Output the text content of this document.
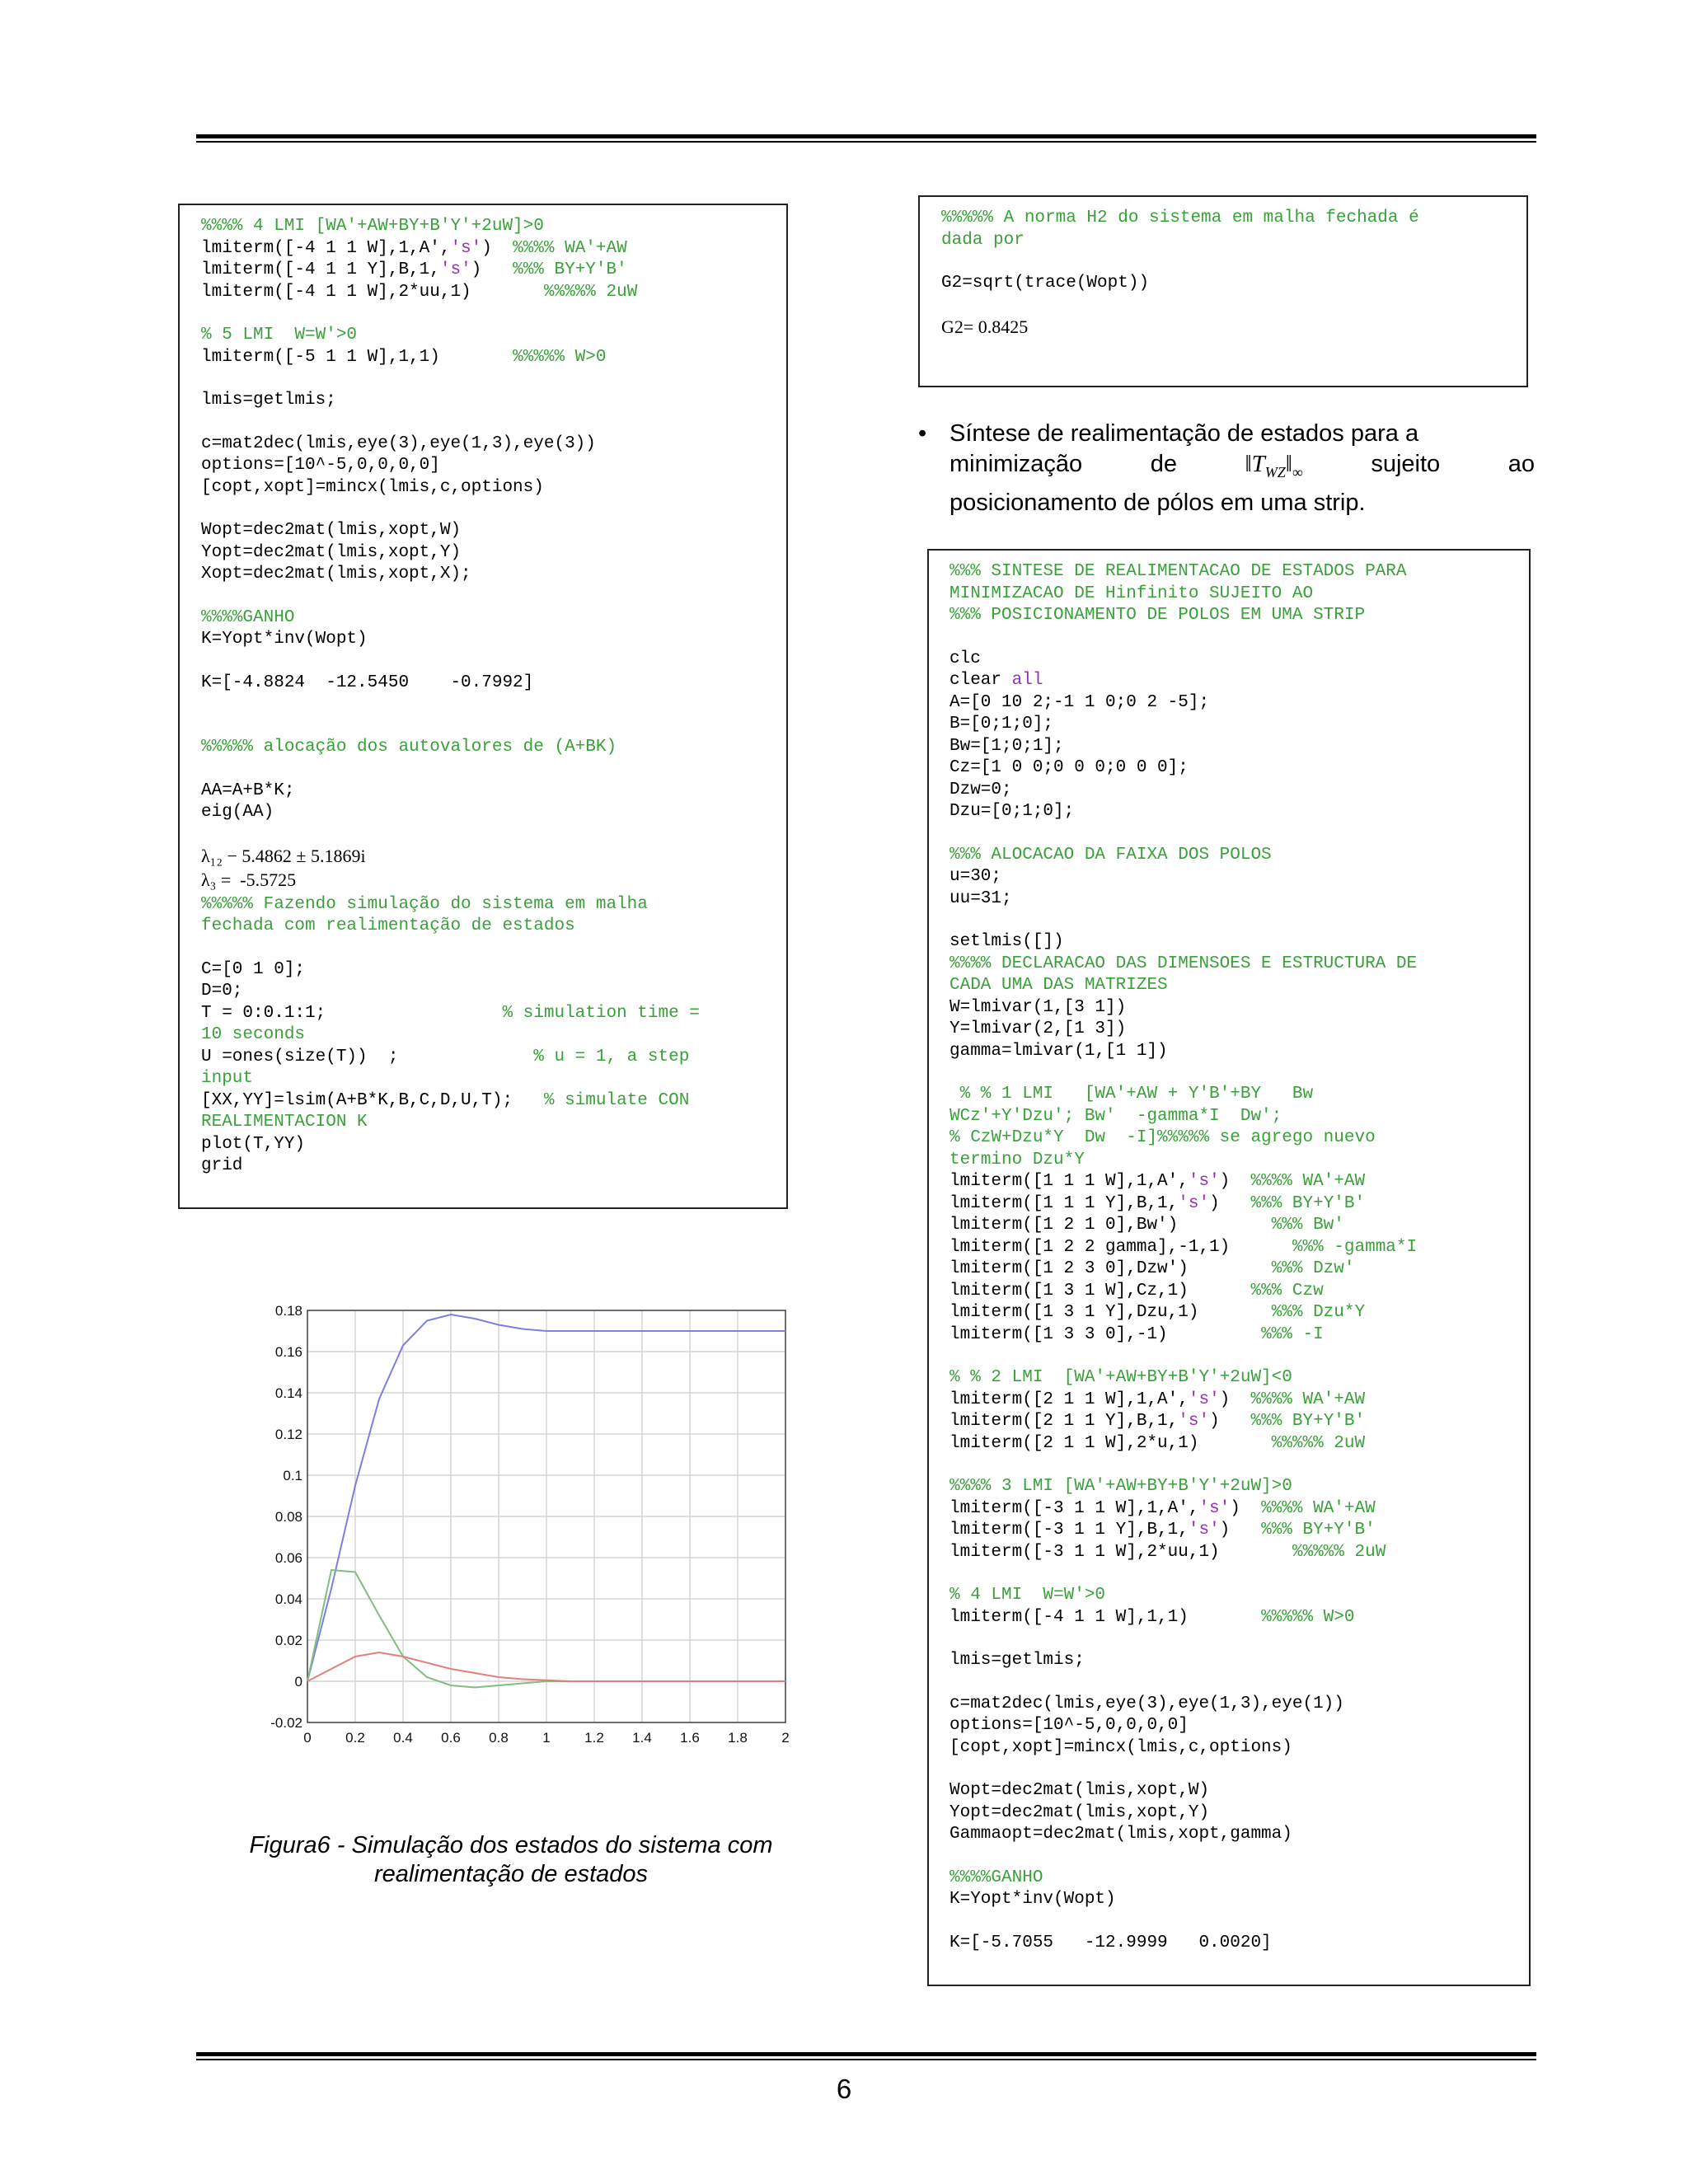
%%%% 4 LMI [WA'+AW+BY+B'Y'+2uW]>0
lmiterm([-4 1 1 W],1,A','s')  %%%% WA'+AW
lmiterm([-4 1 1 Y],B,1,'s')   %%% BY+Y'B'
lmiterm([-4 1 1 W],2*uu,1)       %%%%% 2uW
% 5 LMI  W=W'>0
lmiterm([-5 1 1 W],1,1)       %%%%% W>0
lmis=getlmis;
c=mat2dec(lmis,eye(3),eye(1,3),eye(3))
options=[10^-5,0,0,0,0]
[copt,xopt]=mincx(lmis,c,options)
Wopt=dec2mat(lmis,xopt,W)
Yopt=dec2mat(lmis,xopt,Y)
Xopt=dec2mat(lmis,xopt,X);
%%%%GANHO
K=Yopt*inv(Wopt)
K=[-4.8824  -12.5450    -0.7992]
%%%%% alocação dos autovalores de (A+BK)
AA=A+B*K;
eig(AA)
λ₁₂ − 5.4862 ± 5.1869i
λ₃ =  -5.5725
%%%%% Fazendo simulação do sistema em malha
fechada com realimentação de estados
C=[0 1 0];
D=0;
T = 0:0.1:1;                 % simulation time =
10 seconds
U =ones(size(T))  ;             % u = 1, a step
input
[XX,YY]=lsim(A+B*K,B,C,D,U,T);   % simulate CON
REALIMENTACION K
plot(T,YY)
grid
%%%%% A norma H2 do sistema em malha fechada é
dada por
G2=sqrt(trace(Wopt))
G2= 0.8425
• Síntese de realimentação de estados para a
minimização	de	$‖T_{WZ}‖_\infty$	sujeito	ao
posicionamento de pólos em uma strip.
%%% SINTESE DE REALIMENTACAO DE ESTADOS PARA
MINIMIZACAO DE Hinfinito SUJEITO AO
%%% POSICIONAMENTO DE POLOS EM UMA STRIP
clc
clear all
A=[0 10 2;-1 1 0;0 2 -5];
B=[0;1;0];
Bw=[1;0;1];
Cz=[1 0 0;0 0 0;0 0 0];
Dzw=0;
Dzu=[0;1;0];
%%% ALOCACAO DA FAIXA DOS POLOS
u=30;
uu=31;
setlmis([])
%%%% DECLARACAO DAS DIMENSOES E ESTRUCTURA DE
CADA UMA DAS MATRIZES
W=lmivar(1,[3 1])
Y=lmivar(2,[1 3])
gamma=lmivar(1,[1 1])
% % 1 LMI   [WA'+AW + Y'B'+BY   Bw
WCz'+Y'Dzu'; Bw'  -gamma*I  Dw';
% CzW+Dzu*Y  Dw  -I]%%%%% se agrego nuevo
termino Dzu*Y
lmiterm([1 1 1 W],1,A','s')  %%%% WA'+AW
lmiterm([1 1 1 Y],B,1,'s')   %%% BY+Y'B'
lmiterm([1 2 1 0],Bw')         %%% Bw'
lmiterm([1 2 2 gamma],-1,1)      %%% -gamma*I
lmiterm([1 2 3 0],Dzw')        %%% Dzw'
lmiterm([1 3 1 W],Cz,1)      %%% Czw
lmiterm([1 3 1 Y],Dzu,1)       %%% Dzu*Y
lmiterm([1 3 3 0],-1)         %%% -I
% % 2 LMI  [WA'+AW+BY+B'Y'+2uW]<0
lmiterm([2 1 1 W],1,A','s')  %%%% WA'+AW
lmiterm([2 1 1 Y],B,1,'s')   %%% BY+Y'B'
lmiterm([2 1 1 W],2*u,1)       %%%%% 2uW
%%%% 3 LMI [WA'+AW+BY+B'Y'+2uW]>0
lmiterm([-3 1 1 W],1,A','s')  %%%% WA'+AW
lmiterm([-3 1 1 Y],B,1,'s')   %%% BY+Y'B'
lmiterm([-3 1 1 W],2*uu,1)       %%%%% 2uW
% 4 LMI  W=W'>0
lmiterm([-4 1 1 W],1,1)       %%%%% W>0
lmis=getlmis;
c=mat2dec(lmis,eye(3),eye(1,3),eye(1))
options=[10^-5,0,0,0,0]
[copt,xopt]=mincx(lmis,c,options)
Wopt=dec2mat(lmis,xopt,W)
Yopt=dec2mat(lmis,xopt,Y)
Gammaopt=dec2mat(lmis,xopt,gamma)
%%%%GANHO
K=Yopt*inv(Wopt)
K=[-5.7055   -12.9999   0.0020]
0 0.2 0.4 0.6 0.8 1 1.2 1.4 1.6 1.8 2
-0.02
0
0.02
0.04
0.06
0.08
0.1
0.12
0.14
0.16
0.18
Figura6 - Simulação dos estados do sistema com
realimentação de estados
6
